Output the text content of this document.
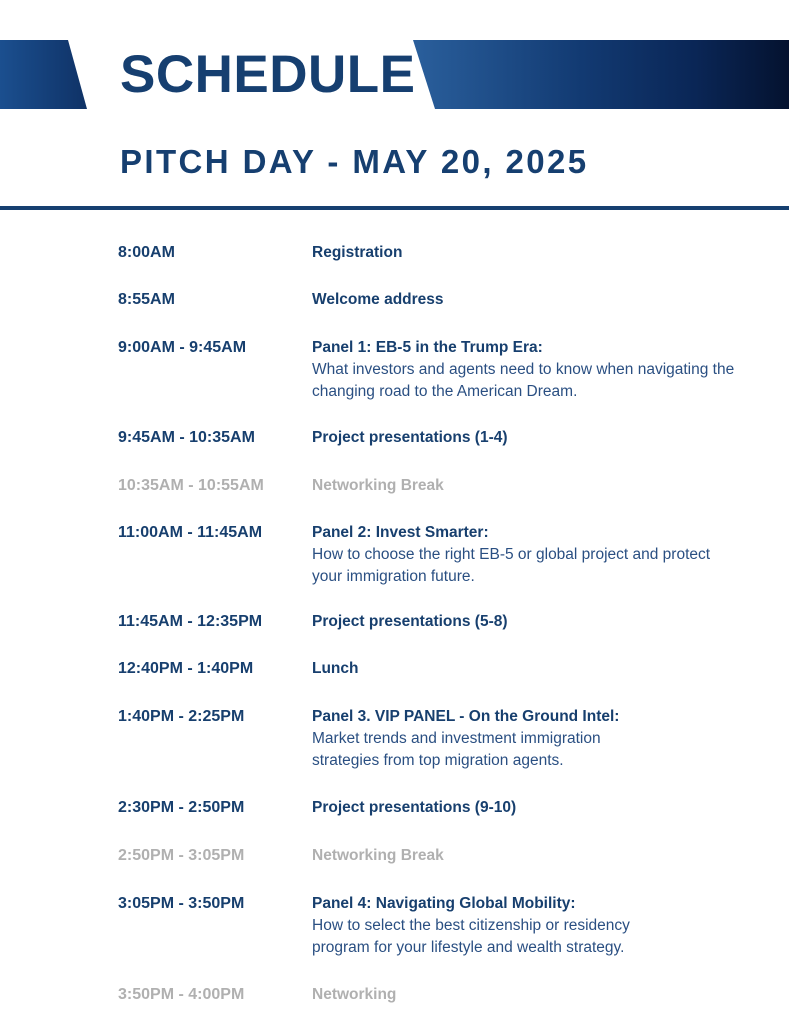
SCHEDULE
PITCH DAY - MAY 20, 2025
8:00AM	Registration
8:55AM	Welcome address
9:00AM - 9:45AM	Panel 1: EB-5 in the Trump Era:
What investors and agents need to know when navigating the changing road to the American Dream.
9:45AM - 10:35AM	Project presentations (1-4)
10:35AM - 10:55AM	Networking Break
11:00AM - 11:45AM	Panel 2: Invest Smarter:
How to choose the right EB-5 or global project and protect your immigration future.
11:45AM - 12:35PM	Project presentations (5-8)
12:40PM - 1:40PM	Lunch
1:40PM - 2:25PM	Panel 3. VIP PANEL - On the Ground Intel:
Market trends and investment immigration strategies from top migration agents.
2:30PM - 2:50PM	Project presentations (9-10)
2:50PM - 3:05PM	Networking Break
3:05PM - 3:50PM	Panel 4: Navigating Global Mobility:
How to select the best citizenship or residency program for your lifestyle and wealth strategy.
3:50PM - 4:00PM	Networking
